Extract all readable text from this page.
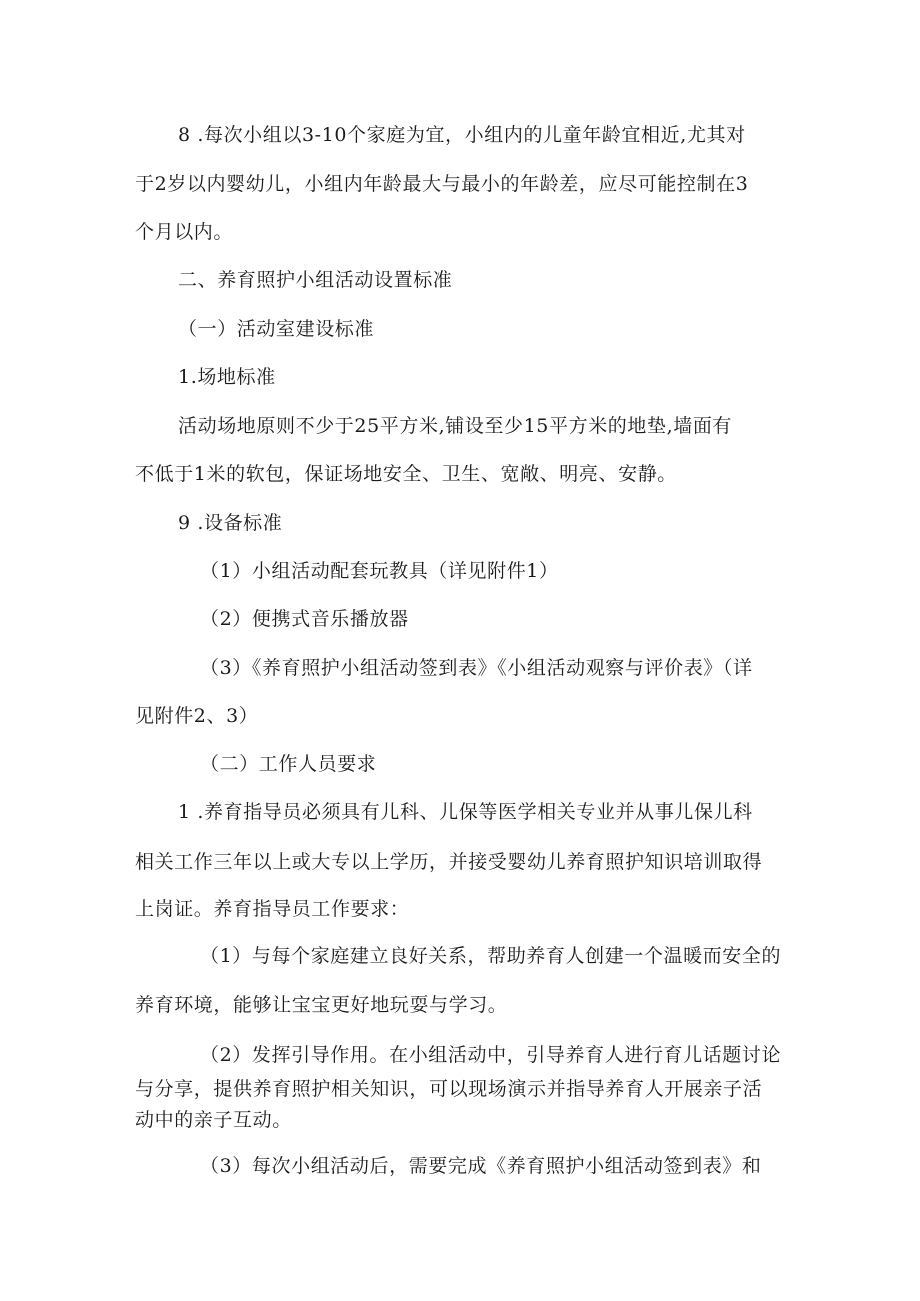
8 .每次小组以3-10个家庭为宜，小组内的儿童年龄宜相近,尤其对
于2岁以内婴幼儿，小组内年龄最大与最小的年龄差，应尽可能控制在3
个月以内。
二、养育照护小组活动设置标准
（一）活动室建设标准
1.场地标准
活动场地原则不少于25平方米,铺设至少15平方米的地垫,墙面有
不低于1米的软包，保证场地安全、卫生、宽敞、明亮、安静。
9 .设备标准
（1）小组活动配套玩教具（详见附件1）
（2）便携式音乐播放器
（3）《养育照护小组活动签到表》《小组活动观察与评价表》（详
见附件2、3）
（二）工作人员要求
1 .养育指导员必须具有儿科、儿保等医学相关专业并从事儿保儿科
相关工作三年以上或大专以上学历，并接受婴幼儿养育照护知识培训取得
上岗证。养育指导员工作要求：
（1）与每个家庭建立良好关系，帮助养育人创建一个温暖而安全的
养育环境，能够让宝宝更好地玩耍与学习。
（2）发挥引导作用。在小组活动中，引导养育人进行育儿话题讨论
与分享，提供养育照护相关知识，可以现场演示并指导养育人开展亲子活
动中的亲子互动。
（3）每次小组活动后，需要完成《养育照护小组活动签到表》和
